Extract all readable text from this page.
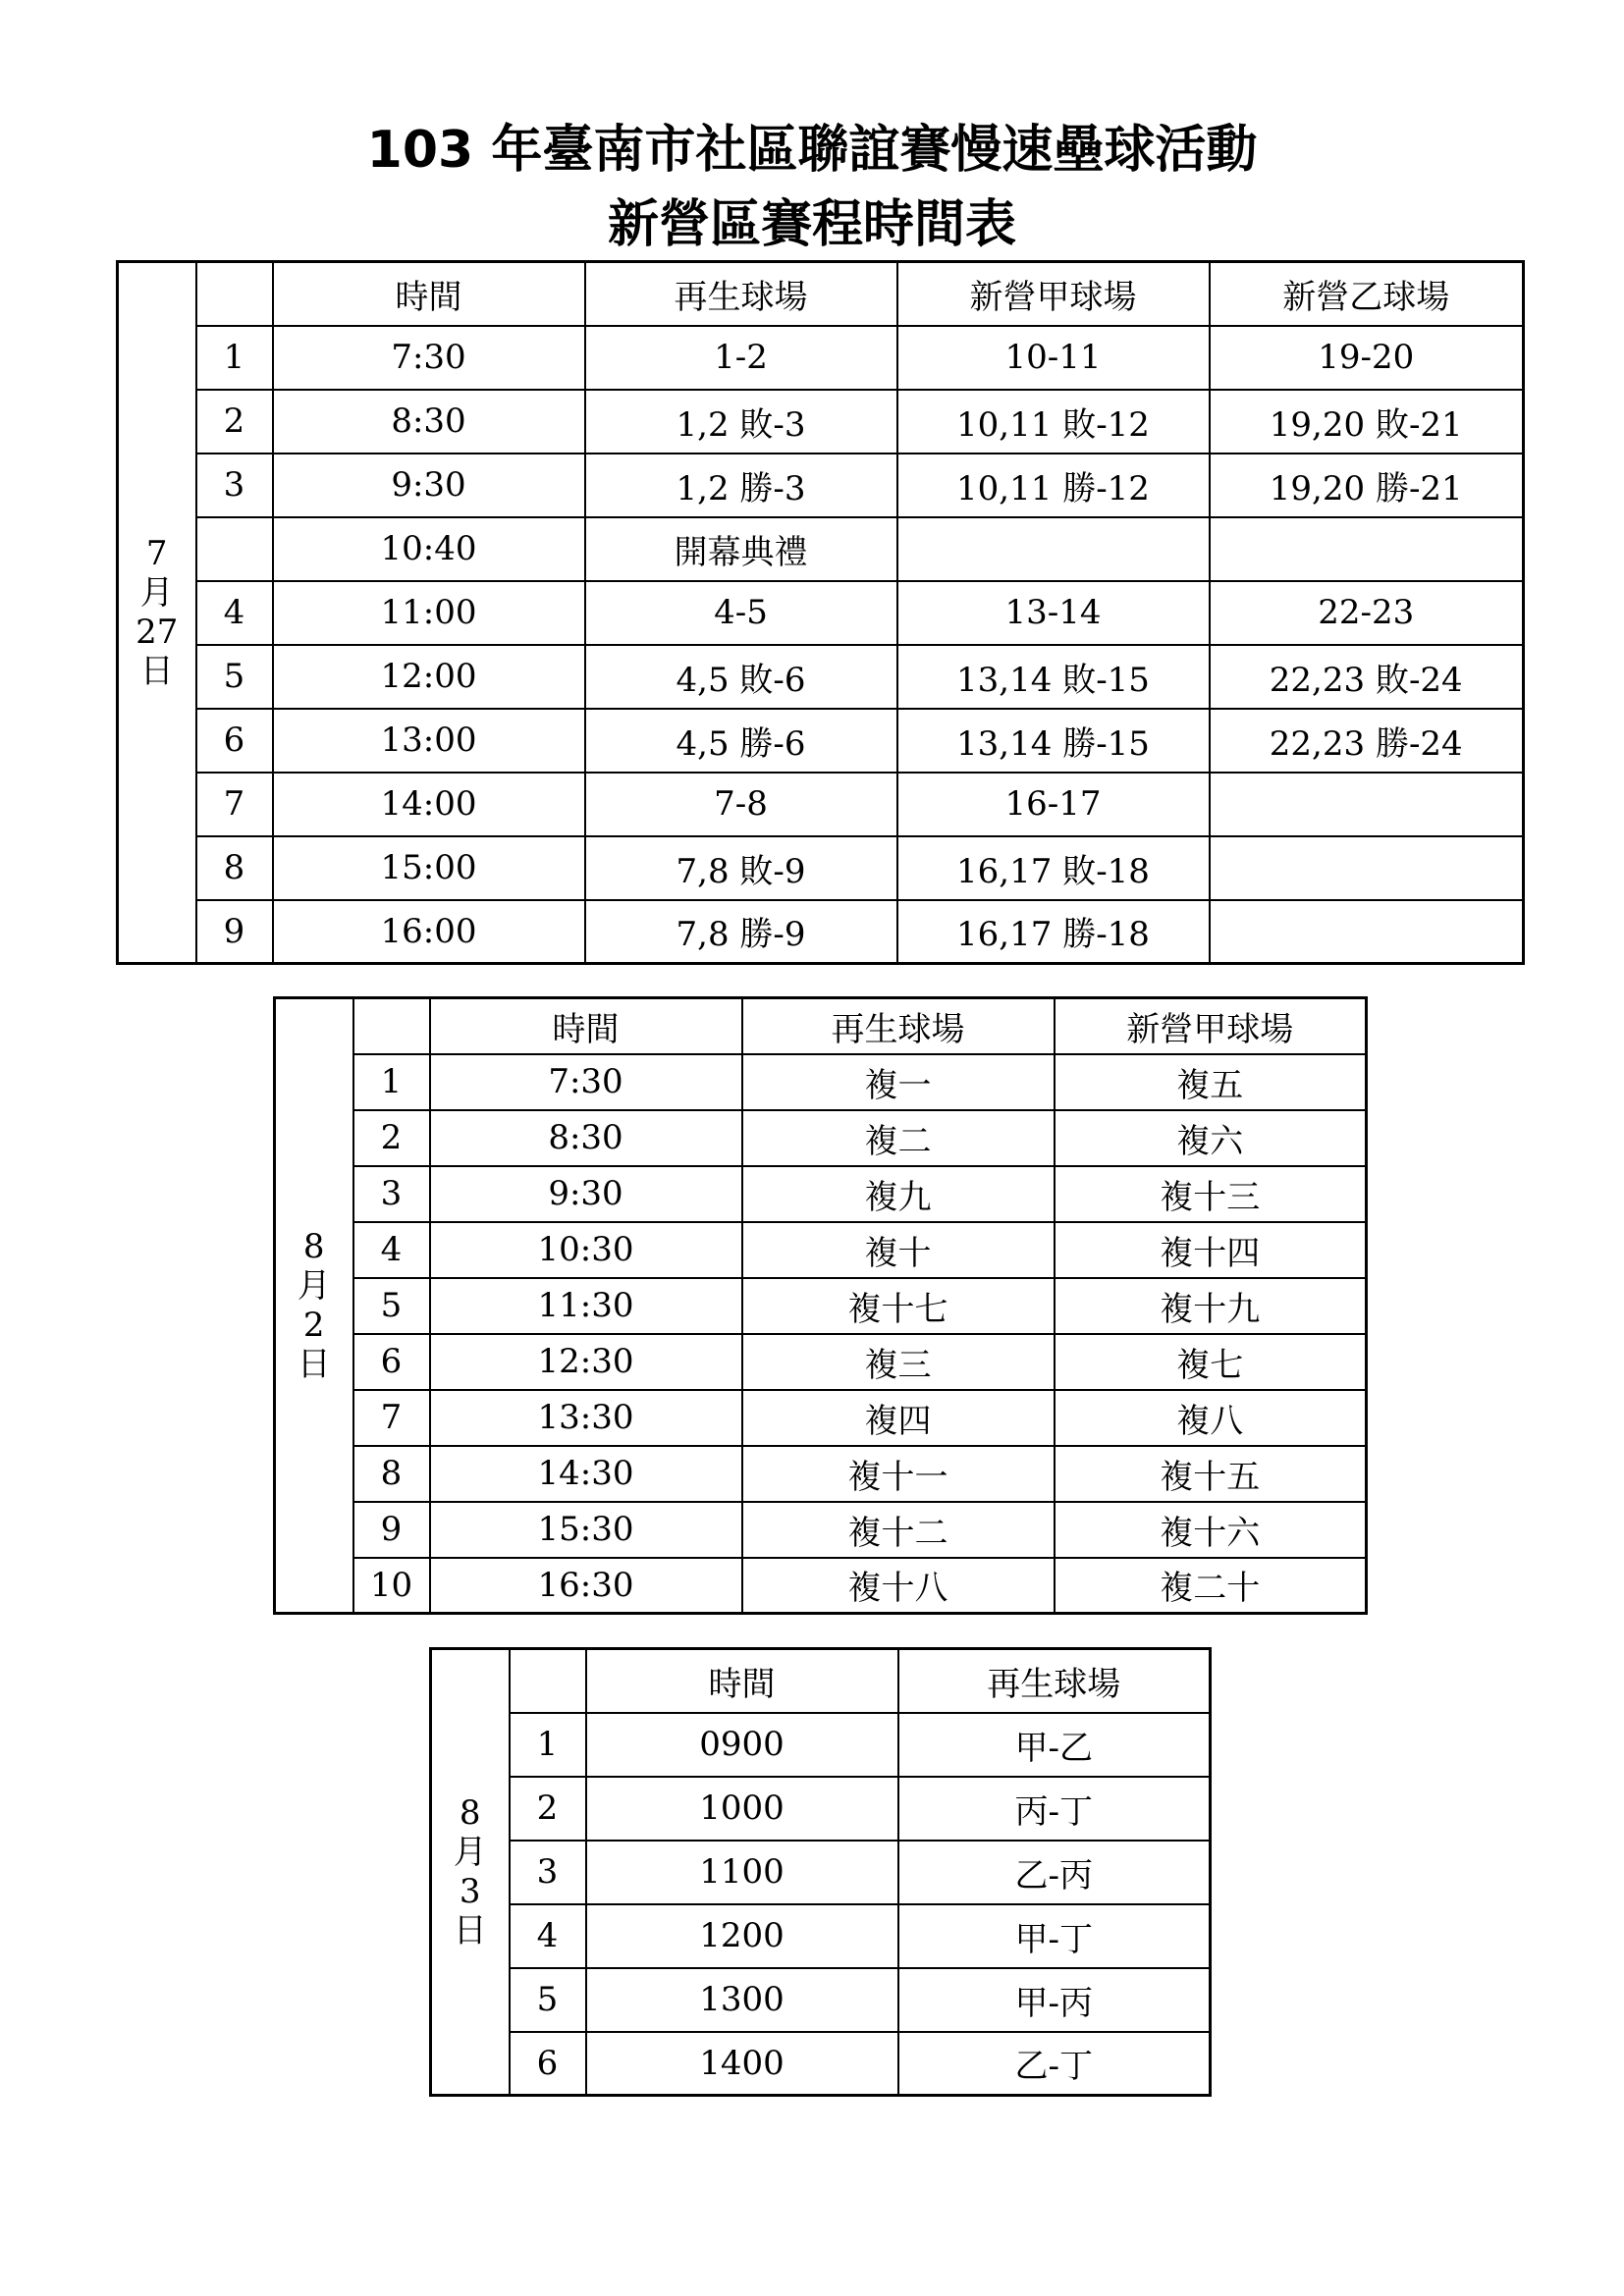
103 年臺南市社區聯誼賽慢速壘球活動
新營區賽程時間表
7
月
27
日		時間	再生球場	新營甲球場	新營乙球場
	1	7:30	1-2	10-11	19-20
	2	8:30	1,2 敗-3	10,11 敗-12	19,20 敗-21
	3	9:30	1,2 勝-3	10,11 勝-12	19,20 勝-21
		10:40	開幕典禮		
	4	11:00	4-5	13-14	22-23
	5	12:00	4,5 敗-6	13,14 敗-15	22,23 敗-24
	6	13:00	4,5 勝-6	13,14 勝-15	22,23 勝-24
	7	14:00	7-8	16-17	
	8	15:00	7,8 敗-9	16,17 敗-18	
	9	16:00	7,8 勝-9	16,17 勝-18	
8
月
2
日		時間	再生球場	新營甲球場
	1	7:30	複一	複五
	2	8:30	複二	複六
	3	9:30	複九	複十三
	4	10:30	複十	複十四
	5	11:30	複十七	複十九
	6	12:30	複三	複七
	7	13:30	複四	複八
	8	14:30	複十一	複十五
	9	15:30	複十二	複十六
	10	16:30	複十八	複二十
8
月
3
日		時間	再生球場
	1	0900	甲-乙
	2	1000	丙-丁
	3	1100	乙-丙
	4	1200	甲-丁
	5	1300	甲-丙
	6	1400	乙-丁
